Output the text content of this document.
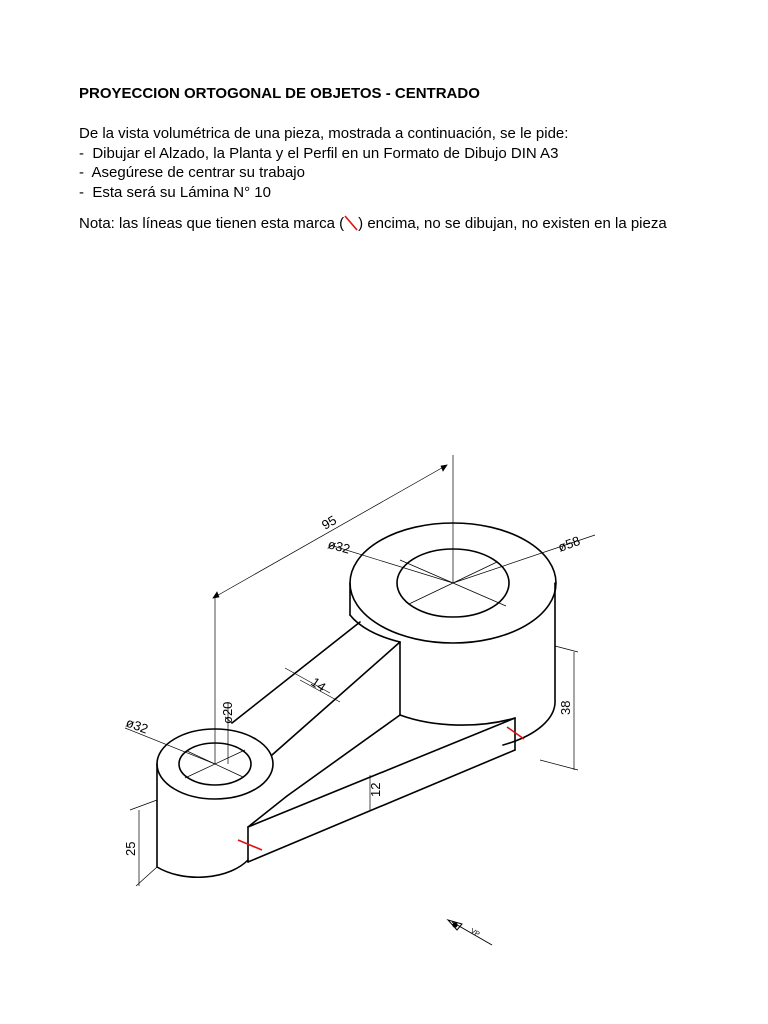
PROYECCION ORTOGONAL DE OBJETOS - CENTRADO
De la vista volumétrica de una pieza, mostrada a continuación, se le pide:
-  Dibujar el Alzado, la Planta y el Perfil en un Formato de Dibujo DIN A3
-  Asegúrese de centrar su trabajo
-  Esta será su Lámina N° 10
Nota: las líneas que tienen esta marca ( ) encima, no se dibujan, no existen en la pieza
95
ø32	ø58
38
14
12
ø20
ø32
25
VP
